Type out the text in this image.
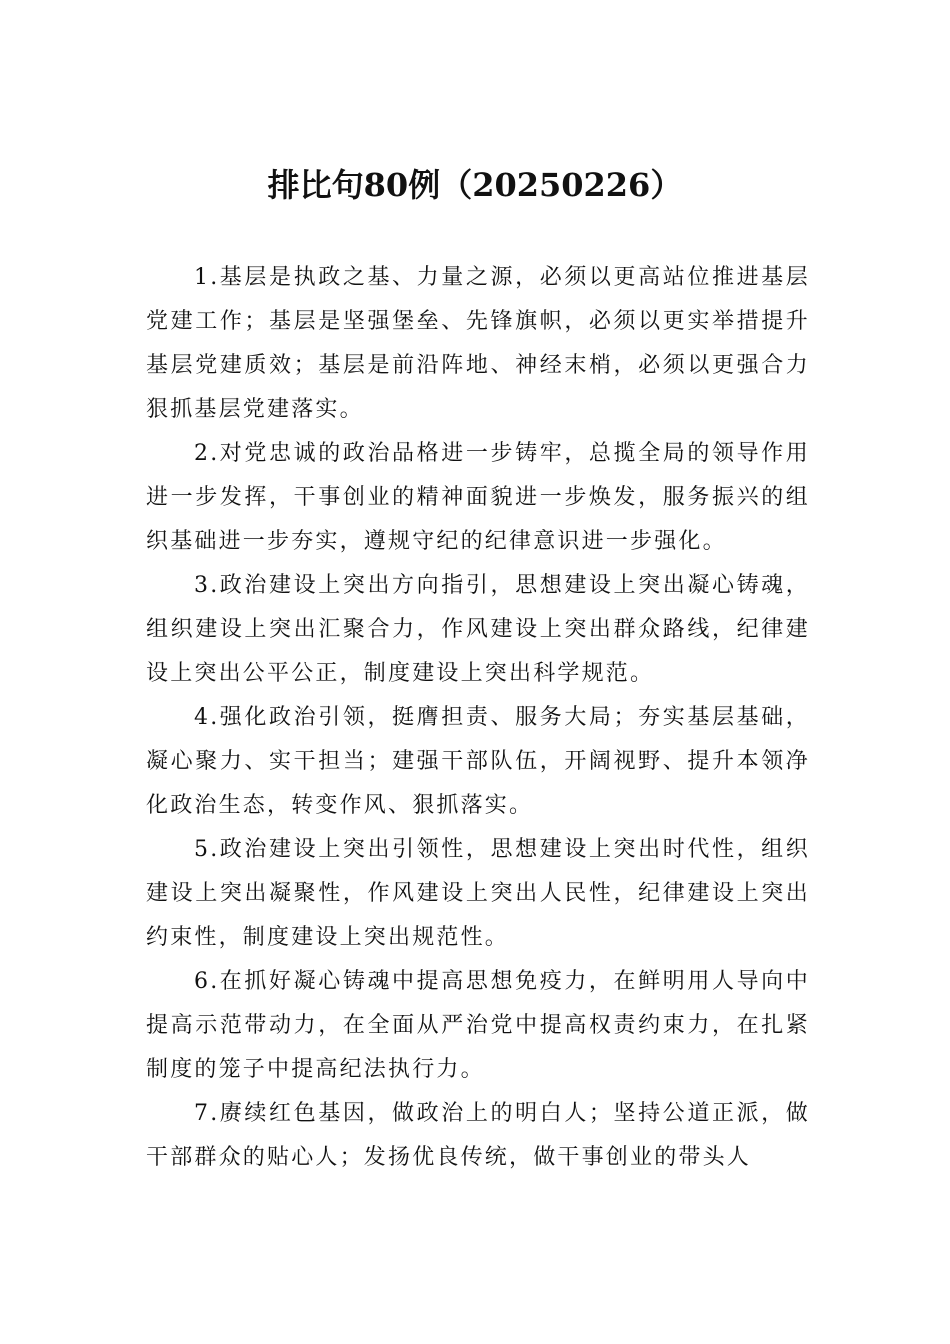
排比句80例（20250226）

1.基层是执政之基、力量之源，必须以更高站位推进基层党建工作；基层是坚强堡垒、先锋旗帜，必须以更实举措提升基层党建质效；基层是前沿阵地、神经末梢，必须以更强合力狠抓基层党建落实。

2.对党忠诚的政治品格进一步铸牢，总揽全局的领导作用进一步发挥，干事创业的精神面貌进一步焕发，服务振兴的组织基础进一步夯实，遵规守纪的纪律意识进一步强化。

3.政治建设上突出方向指引，思想建设上突出凝心铸魂，组织建设上突出汇聚合力，作风建设上突出群众路线，纪律建设上突出公平公正，制度建设上突出科学规范。

4.强化政治引领，挺膺担责、服务大局；夯实基层基础，凝心聚力、实干担当；建强干部队伍，开阔视野、提升本领净化政治生态，转变作风、狠抓落实。

5.政治建设上突出引领性，思想建设上突出时代性，组织建设上突出凝聚性，作风建设上突出人民性，纪律建设上突出约束性，制度建设上突出规范性。

6.在抓好凝心铸魂中提高思想免疫力，在鲜明用人导向中提高示范带动力，在全面从严治党中提高权责约束力，在扎紧制度的笼子中提高纪法执行力。

7.赓续红色基因，做政治上的明白人；坚持公道正派，做干部群众的贴心人；发扬优良传统，做干事创业的带头人
